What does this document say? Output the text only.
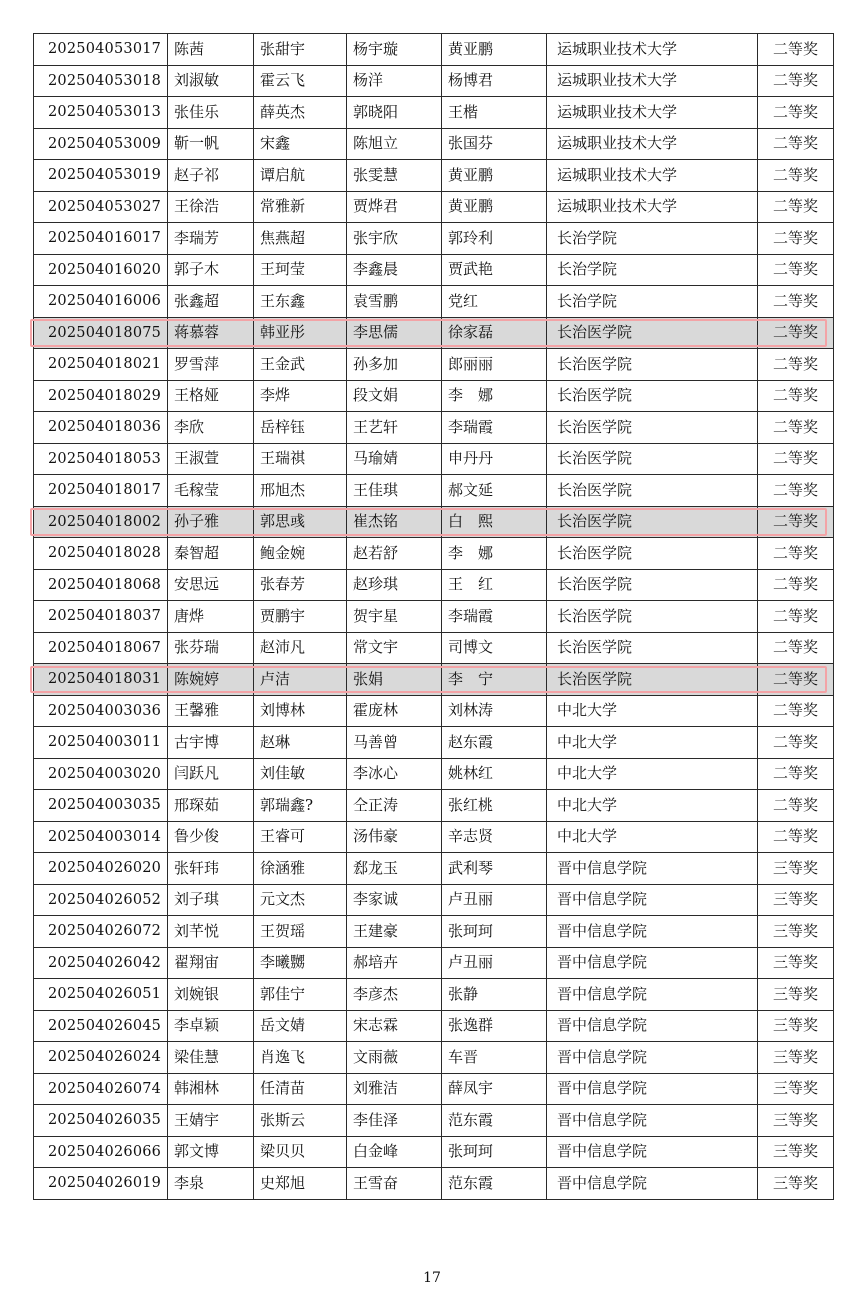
202504053017	陈茜	张甜宇	杨宇璇	黄亚鹏	运城职业技术大学	二等奖
202504053018	刘淑敏	霍云飞	杨洋	杨博君	运城职业技术大学	二等奖
202504053013	张佳乐	薛英杰	郭晓阳	王楷	运城职业技术大学	二等奖
202504053009	靳一帆	宋鑫	陈旭立	张国芬	运城职业技术大学	二等奖
202504053019	赵子祁	谭启航	张雯慧	黄亚鹏	运城职业技术大学	二等奖
202504053027	王徐浩	常雅新	贾烨君	黄亚鹏	运城职业技术大学	二等奖
202504016017	李瑞芳	焦燕超	张宇欣	郭玲利	长治学院	二等奖
202504016020	郭子木	王珂莹	李鑫晨	贾武艳	长治学院	二等奖
202504016006	张鑫超	王东鑫	袁雪鹏	党红	长治学院	二等奖
202504018075	蒋慕蓉	韩亚彤	李思儒	徐家磊	长治医学院	二等奖
202504018021	罗雪萍	王金武	孙多加	郎丽丽	长治医学院	二等奖
202504018029	王格娅	李烨	段文娟	李　娜	长治医学院	二等奖
202504018036	李欣	岳梓钰	王艺轩	李瑞霞	长治医学院	二等奖
202504018053	王淑萱	王瑞祺	马瑜婧	申丹丹	长治医学院	二等奖
202504018017	毛稼莹	邢旭杰	王佳琪	郝文延	长治医学院	二等奖
202504018002	孙子雅	郭思彧	崔杰铭	白　熙	长治医学院	二等奖
202504018028	秦智超	鲍金婉	赵若舒	李　娜	长治医学院	二等奖
202504018068	安思远	张春芳	赵珍琪	王　红	长治医学院	二等奖
202504018037	唐烨	贾鹏宇	贺宇星	李瑞霞	长治医学院	二等奖
202504018067	张芬瑞	赵沛凡	常文宇	司博文	长治医学院	二等奖
202504018031	陈婉婷	卢洁	张娟	李　宁	长治医学院	二等奖
202504003036	王馨雅	刘博林	霍庞林	刘林涛	中北大学	二等奖
202504003011	古宇博	赵琳	马善曾	赵东霞	中北大学	二等奖
202504003020	闫跃凡	刘佳敏	李冰心	姚林红	中北大学	二等奖
202504003035	邢琛茹	郭瑞鑫?	仝正涛	张红桃	中北大学	二等奖
202504003014	鲁少俊	王睿可	汤伟豪	辛志贤	中北大学	二等奖
202504026020	张轩玮	徐涵雅	郄龙玉	武利琴	晋中信息学院	三等奖
202504026052	刘子琪	元文杰	李家诚	卢丑丽	晋中信息学院	三等奖
202504026072	刘芊悦	王贺瑶	王建豪	张珂珂	晋中信息学院	三等奖
202504026042	翟翔宙	李曦嬲	郝培卉	卢丑丽	晋中信息学院	三等奖
202504026051	刘婉银	郭佳宁	李彦杰	张静	晋中信息学院	三等奖
202504026045	李卓颖	岳文婧	宋志霖	张逸群	晋中信息学院	三等奖
202504026024	梁佳慧	肖逸飞	文雨薇	车晋	晋中信息学院	三等奖
202504026074	韩湘林	任清苗	刘雅洁	薛凤宇	晋中信息学院	三等奖
202504026035	王婧宇	张斯云	李佳泽	范东霞	晋中信息学院	三等奖
202504026066	郭文博	梁贝贝	白金峰	张珂珂	晋中信息学院	三等奖
202504026019	李泉	史郑旭	王雪奋	范东霞	晋中信息学院	三等奖
17
